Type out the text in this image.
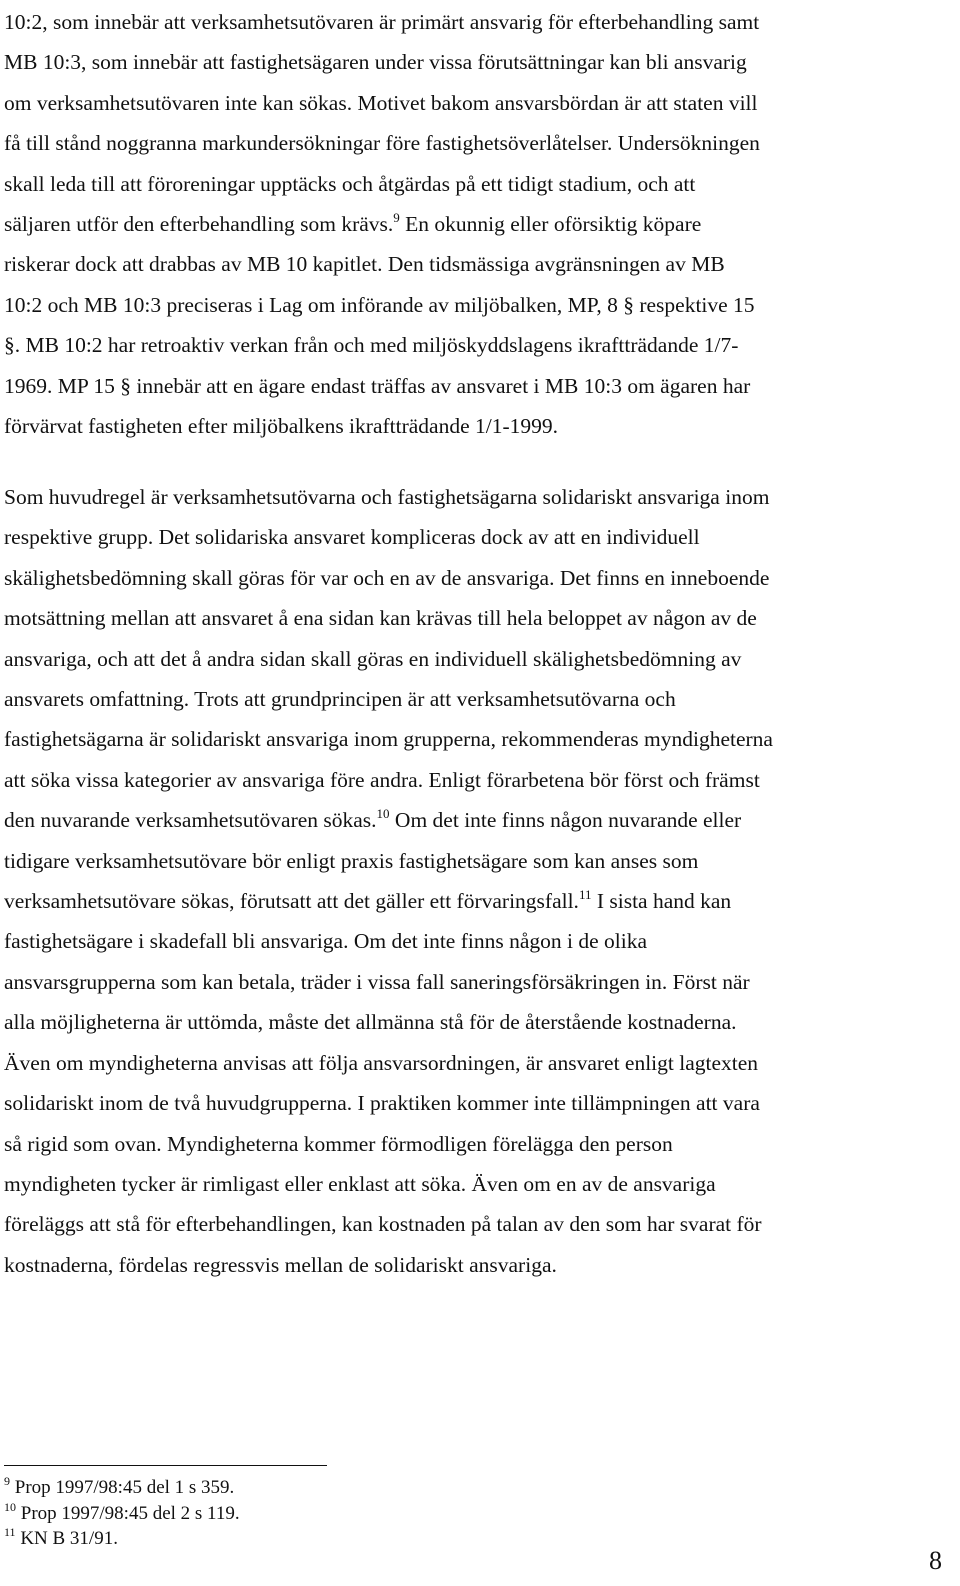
10:2, som innebär att verksamhetsutövaren är primärt ansvarig för efterbehandling samt
MB 10:3, som innebär att fastighetsägaren under vissa förutsättningar kan bli ansvarig
om verksamhetsutövaren inte kan sökas. Motivet bakom ansvarsbördan är att staten vill
få till stånd noggranna markundersökningar före fastighetsöverlåtelser. Undersökningen
skall leda till att föroreningar upptäcks och åtgärdas på ett tidigt stadium, och att
säljaren utför den efterbehandling som krävs.$^9$ En okunnig eller oförsiktig köpare
riskerar dock att drabbas av MB 10 kapitlet. Den tidsmässiga avgränsningen av MB
10:2 och MB 10:3 preciseras i Lag om införande av miljöbalken, MP, 8 § respektive 15
§. MB 10:2 har retroaktiv verkan från och med miljöskyddslagens ikraftträdande 1/7-
1969. MP 15 § innebär att en ägare endast träffas av ansvaret i MB 10:3 om ägaren har
förvärvat fastigheten efter miljöbalkens ikraftträdande 1/1-1999.
Som huvudregel är verksamhetsutövarna och fastighetsägarna solidariskt ansvariga inom
respektive grupp. Det solidariska ansvaret kompliceras dock av att en individuell
skälighetsbedömning skall göras för var och en av de ansvariga. Det finns en inneboende
motsättning mellan att ansvaret å ena sidan kan krävas till hela beloppet av någon av de
ansvariga, och att det å andra sidan skall göras en individuell skälighetsbedömning av
ansvarets omfattning. Trots att grundprincipen är att verksamhetsutövarna och
fastighetsägarna är solidariskt ansvariga inom grupperna, rekommenderas myndigheterna
att söka vissa kategorier av ansvariga före andra. Enligt förarbetena bör först och främst
den nuvarande verksamhetsutövaren sökas.$^{10}$ Om det inte finns någon nuvarande eller
tidigare verksamhetsutövare bör enligt praxis fastighetsägare som kan anses som
verksamhetsutövare sökas, förutsatt att det gäller ett förvaringsfall.$^{11}$ I sista hand kan
fastighetsägare i skadefall bli ansvariga. Om det inte finns någon i de olika
ansvarsgrupperna som kan betala, träder i vissa fall saneringsförsäkringen in. Först när
alla möjligheterna är uttömda, måste det allmänna stå för de återstående kostnaderna.
Även om myndigheterna anvisas att följa ansvarsordningen, är ansvaret enligt lagtexten
solidariskt inom de två huvudgrupperna. I praktiken kommer inte tillämpningen att vara
så rigid som ovan. Myndigheterna kommer förmodligen förelägga den person
myndigheten tycker är rimligast eller enklast att söka. Även om en av de ansvariga
föreläggs att stå för efterbehandlingen, kan kostnaden på talan av den som har svarat för
kostnaderna, fördelas regressvis mellan de solidariskt ansvariga.
$^9$ Prop 1997/98:45 del 1 s 359.
$^{10}$ Prop 1997/98:45 del 2 s 119.
$^{11}$ KN B 31/91.
8
